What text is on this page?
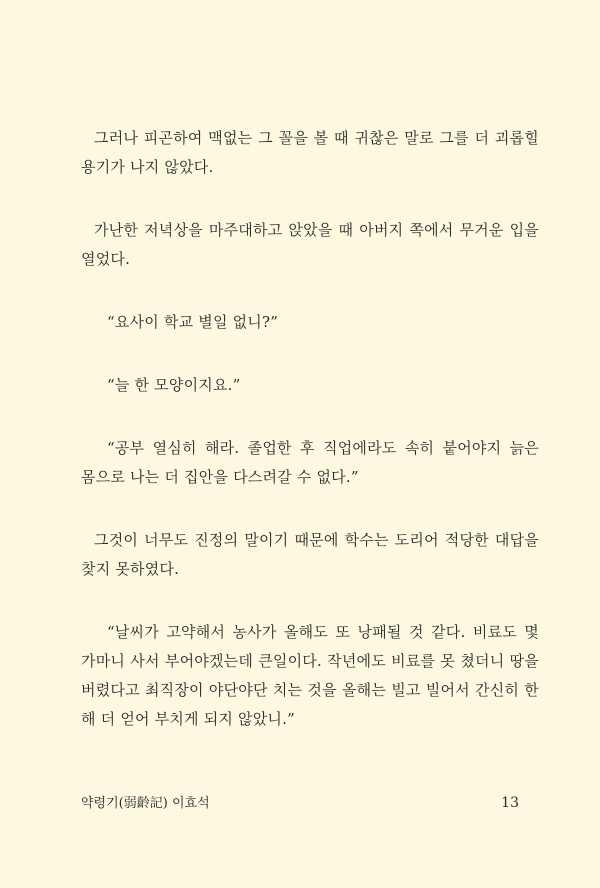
그러나 피곤하여 맥없는 그 꼴을 볼 때 귀찮은 말로 그를 더 괴롭힐 용기가 나지 않았다.

가난한 저녁상을 마주대하고 앉았을 때 아버지 쪽에서 무거운 입을 열었다.

“요사이 학교 별일 없니?”

“늘 한 모양이지요.”

“공부 열심히 해라. 졸업한 후 직업에라도 속히 붙어야지 늙은 몸으로 나는 더 집안을 다스려갈 수 없다.”

그것이 너무도 진정의 말이기 때문에 학수는 도리어 적당한 대답을 찾지 못하였다.

“날씨가 고약해서 농사가 올해도 또 낭패될 것 같다. 비료도 몇 가마니 사서 부어야겠는데 큰일이다. 작년에도 비료를 못 쳤더니 땅을 버렸다고 최직장이 야단야단 치는 것을 올해는 빌고 빌어서 간신히 한 해 더 얻어 부치게 되지 않았니.”

약령기(弱齡記) 이효석	13
